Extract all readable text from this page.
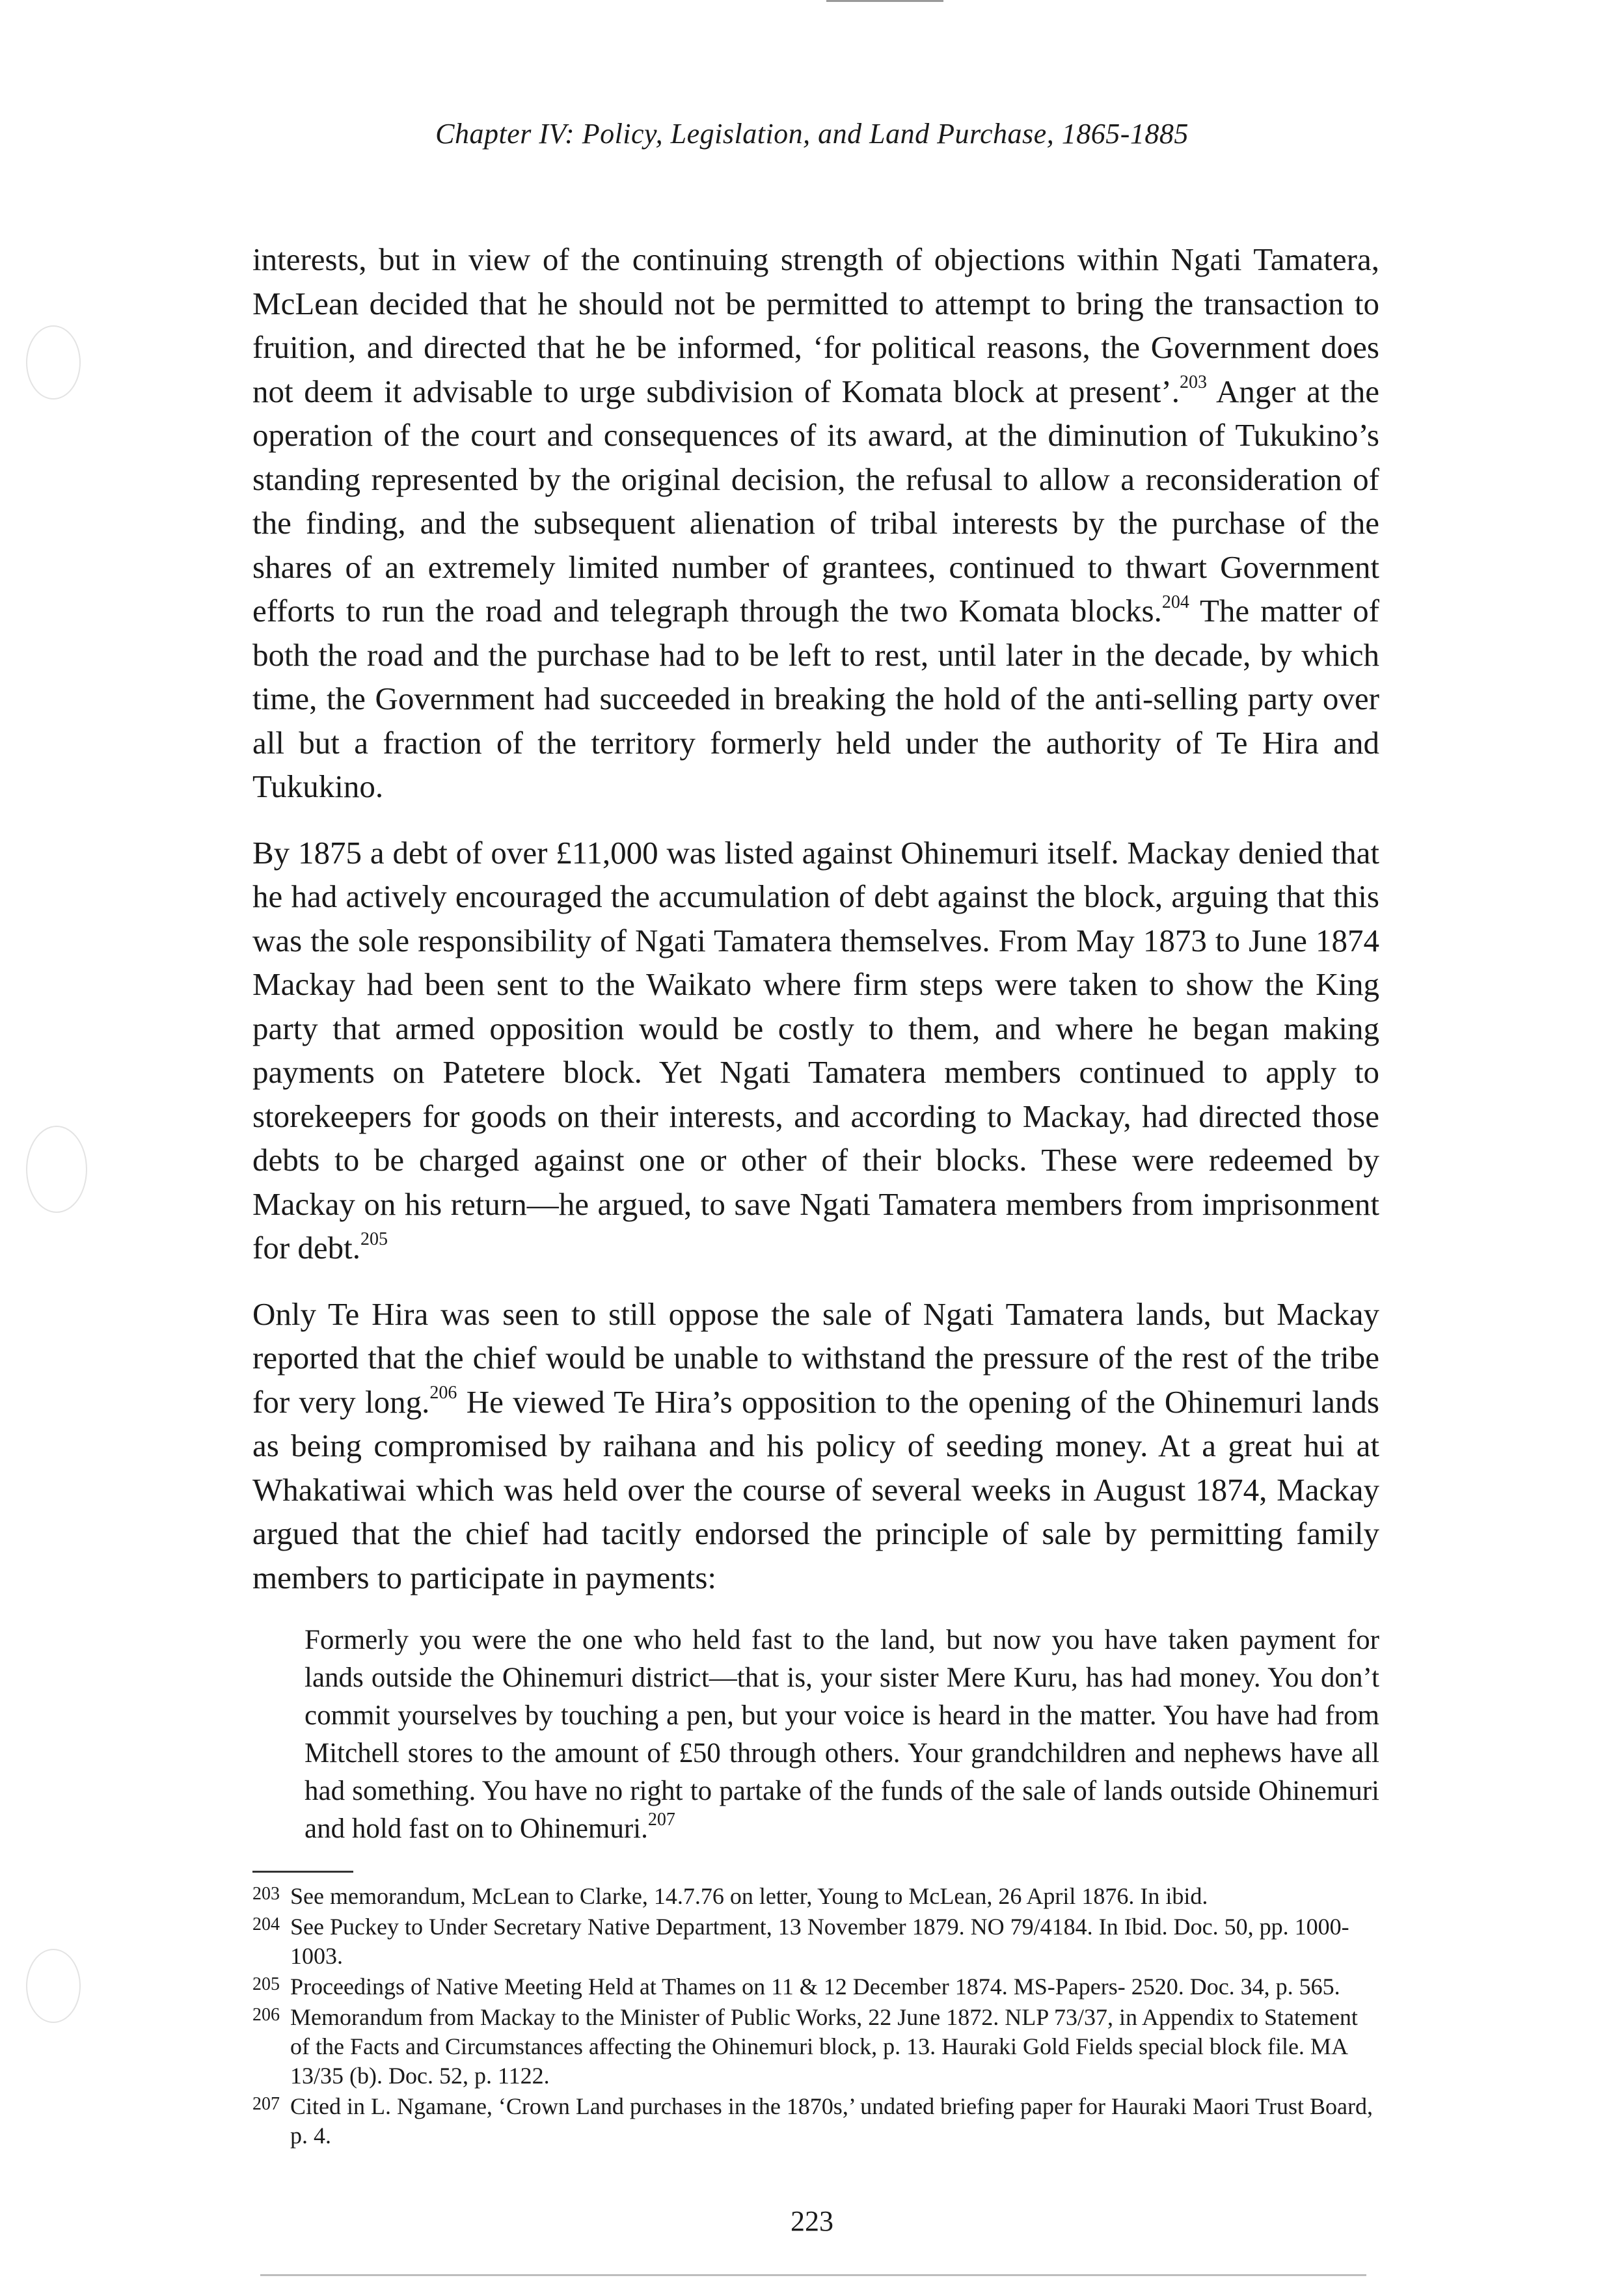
Chapter IV: Policy, Legislation, and Land Purchase, 1865-1885

interests, but in view of the continuing strength of objections within Ngati Tamatera, McLean decided that he should not be permitted to attempt to bring the transaction to fruition, and directed that he be informed, ‘for political reasons, the Government does not deem it advisable to urge subdivision of Komata block at present’.$^{203}$ Anger at the operation of the court and consequences of its award, at the diminution of Tukukino’s standing represented by the original decision, the refusal to allow a reconsideration of the finding, and the subsequent alienation of tribal interests by the purchase of the shares of an extremely limited number of grantees, continued to thwart Government efforts to run the road and telegraph through the two Komata blocks.$^{204}$ The matter of both the road and the purchase had to be left to rest, until later in the decade, by which time, the Government had succeeded in breaking the hold of the anti-selling party over all but a fraction of the territory formerly held under the authority of Te Hira and Tukukino.

By 1875 a debt of over £11,000 was listed against Ohinemuri itself. Mackay denied that he had actively encouraged the accumulation of debt against the block, arguing that this was the sole responsibility of Ngati Tamatera themselves. From May 1873 to June 1874 Mackay had been sent to the Waikato where firm steps were taken to show the King party that armed opposition would be costly to them, and where he began making payments on Patetere block. Yet Ngati Tamatera members continued to apply to storekeepers for goods on their interests, and according to Mackay, had directed those debts to be charged against one or other of their blocks. These were redeemed by Mackay on his return—he argued, to save Ngati Tamatera members from imprisonment for debt.$^{205}$

Only Te Hira was seen to still oppose the sale of Ngati Tamatera lands, but Mackay reported that the chief would be unable to withstand the pressure of the rest of the tribe for very long.$^{206}$ He viewed Te Hira’s opposition to the opening of the Ohinemuri lands as being compromised by raihana and his policy of seeding money. At a great hui at Whakatiwai which was held over the course of several weeks in August 1874, Mackay argued that the chief had tacitly endorsed the principle of sale by permitting family members to participate in payments:

Formerly you were the one who held fast to the land, but now you have taken payment for lands outside the Ohinemuri district—that is, your sister Mere Kuru, has had money. You don’t commit yourselves by touching a pen, but your voice is heard in the matter. You have had from Mitchell stores to the amount of £50 through others. Your grandchildren and nephews have all had something. You have no right to partake of the funds of the sale of lands outside Ohinemuri and hold fast on to Ohinemuri.$^{207}$
203 See memorandum, McLean to Clarke, 14.7.76 on letter, Young to McLean, 26 April 1876. In ibid.
204 See Puckey to Under Secretary Native Department, 13 November 1879. NO 79/4184. In Ibid. Doc. 50, pp. 1000-1003.
205 Proceedings of Native Meeting Held at Thames on 11 & 12 December 1874. MS-Papers- 2520. Doc. 34, p. 565.
206 Memorandum from Mackay to the Minister of Public Works, 22 June 1872. NLP 73/37, in Appendix to Statement of the Facts and Circumstances affecting the Ohinemuri block, p. 13. Hauraki Gold Fields special block file. MA 13/35 (b). Doc. 52, p. 1122.
207 Cited in L. Ngamane, ‘Crown Land purchases in the 1870s,’ undated briefing paper for Hauraki Maori Trust Board, p. 4.
223
